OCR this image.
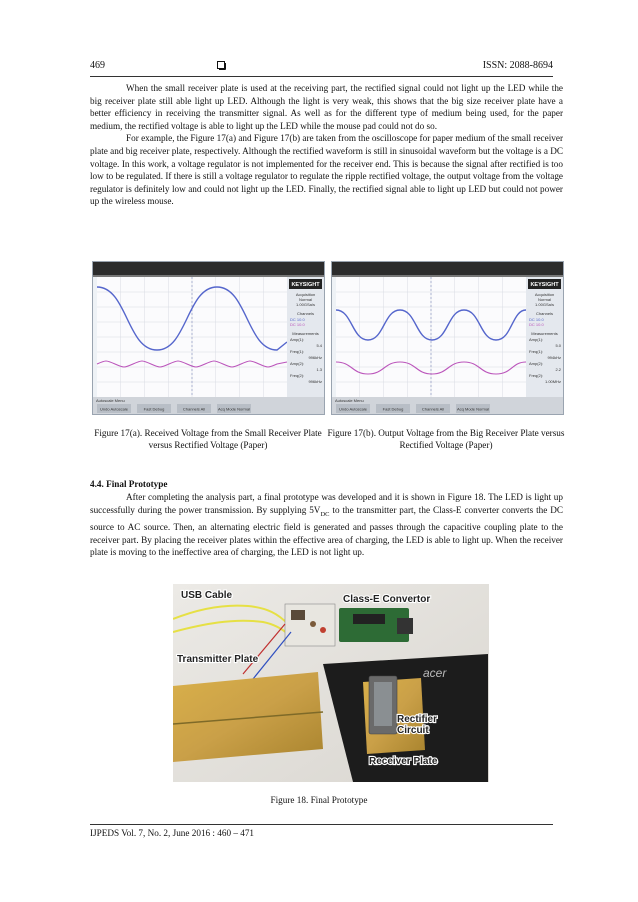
469	ISSN: 2088-8694

When the small receiver plate is used at the receiving part, the rectified signal could not light up the LED while the big receiver plate still able light up LED. Although the light is very weak, this shows that the big size receiver plate have a better efficiency in receiving the transmitter signal. As well as for the different type of medium being used, for the paper medium, the rectified voltage is able to light up the LED while the mouse pad could not do so.

For example, the Figure 17(a) and Figure 17(b) are taken from the oscilloscope for paper medium of the small receiver plate and big receiver plate, respectively. Although the rectified waveform is still in sinusoidal waveform but the voltage is a DC voltage. In this work, a voltage regulator is not implemented for the receiver end. This is because the signal after rectified is too low to be regulated. If there is still a voltage regulator to regulate the ripple rectified voltage, the output voltage from the voltage regulator is definitely low and could not light up the LED. Finally, the rectified signal able to light up LED but could not power up the wireless mouse.

KEYSIGHT
Acquisition
Normal
1.00GSa/s
Channels
DC 10.0
DC 10.0
Measurements
Amp(1):
5.4
Freq(1):
996kHz
Amp(2):
1.3
Freq(2):
996kHz
Autoscale Menu
Undo Autoscale	Fast Debug	Channels All	Acq Mode Normal
KEYSIGHT
Acquisition
Normal
1.00GSa/s
Channels
DC 10.0
DC 10.0
Measurements
Amp(1):
5.0
Freq(1):
994kHz
Amp(2):
2.2
Freq(2):
1.00MHz
Autoscale Menu
Undo Autoscale	Fast Debug	Channels All	Acq Mode Normal
Figure 17(a). Received Voltage from the Small Receiver Plate versus Rectified Voltage (Paper)
Figure 17(b). Output Voltage from the Big Receiver Plate versus Rectified Voltage (Paper)
4.4. Final Prototype

After completing the analysis part, a final prototype was developed and it is shown in Figure 18. The LED is light up successfully during the power transmission. By supplying $5V_{DC}$ to the transmitter part, the Class-E converter converts the DC source to AC source. Then, an alternating electric field is generated and passes through the capacitive coupling plate to the receiver part. By placing the receiver plates within the effective area of charging, the LED is able to light up. When the receiver plate is moving to the ineffective area of charging, the LED is not light up.

acer
USB Cable	Class-E Convertor
Transmitter Plate
Rectifier
Circuit
Receiver Plate
Figure 18. Final Prototype
IJPEDS Vol. 7, No. 2, June 2016 : 460 – 471
